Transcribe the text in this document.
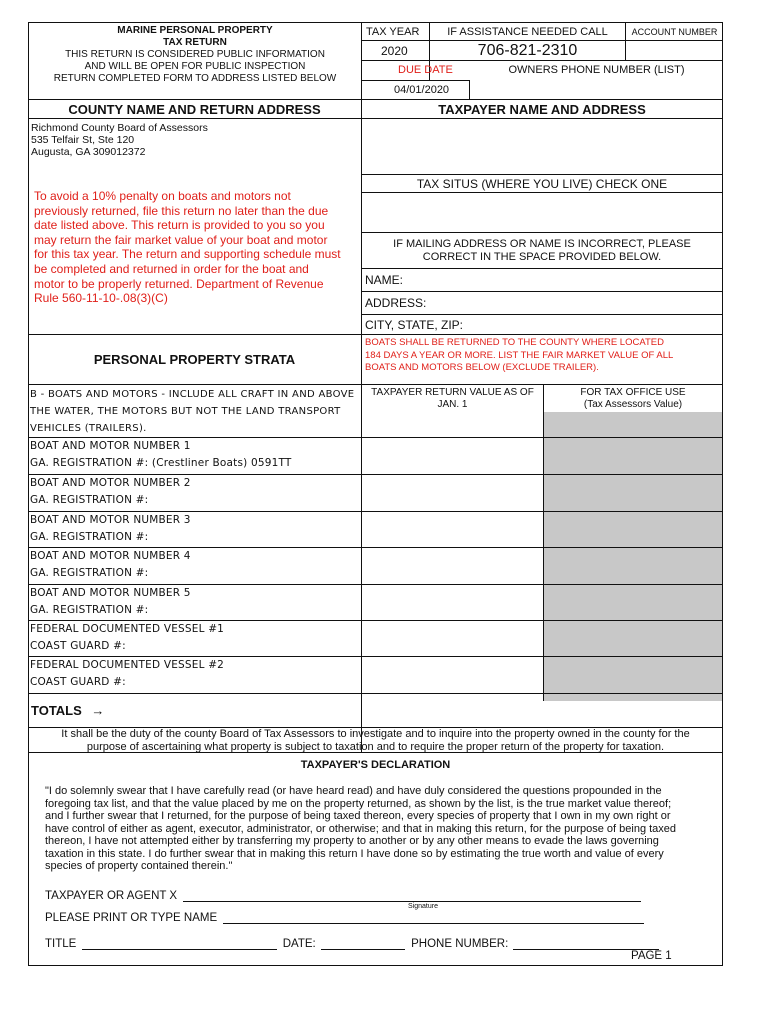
MARINE PERSONAL PROPERTY
TAX RETURN
THIS RETURN IS CONSIDERED PUBLIC INFORMATION
AND WILL BE OPEN FOR PUBLIC INSPECTION
RETURN COMPLETED FORM TO ADDRESS LISTED BELOW
TAX YEAR	IF ASSISTANCE NEEDED CALL	ACCOUNT NUMBER
2020	706-821-2310
DUE DATE	OWNERS PHONE NUMBER (LIST)
04/01/2020
COUNTY NAME AND RETURN ADDRESS	TAXPAYER NAME AND ADDRESS
Richmond County Board of Assessors
535 Telfair St, Ste 120
Augusta, GA 309012372
To avoid a 10% penalty on boats and motors not
previously returned, file this return no later than the due
date listed above. This return is provided to you so you
may return the fair market value of your boat and motor
for this tax year. The return and supporting schedule must
be completed and returned in order for the boat and
motor to be properly returned. Department of Revenue
Rule 560-11-10-.08(3)(C)
TAX SITUS (WHERE YOU LIVE) CHECK ONE
IF MAILING ADDRESS OR NAME IS INCORRECT, PLEASE
CORRECT IN THE SPACE PROVIDED BELOW.
NAME:
ADDRESS:
CITY, STATE, ZIP:
PERSONAL PROPERTY STRATA
BOATS SHALL BE RETURNED TO THE COUNTY WHERE LOCATED
184 DAYS A YEAR OR MORE. LIST THE FAIR MARKET VALUE OF ALL
BOATS AND MOTORS BELOW (EXCLUDE TRAILER).
B - BOATS AND MOTORS - INCLUDE ALL CRAFT IN AND ABOVE
THE WATER, THE MOTORS BUT NOT THE LAND TRANSPORT
VEHICLES (TRAILERS).
TAXPAYER RETURN VALUE AS OF
JAN. 1
FOR TAX OFFICE USE
(Tax Assessors Value)
BOAT AND MOTOR NUMBER 1
GA. REGISTRATION #: (Crestliner Boats) 0591TT
BOAT AND MOTOR NUMBER 2
GA. REGISTRATION #:
BOAT AND MOTOR NUMBER 3
GA. REGISTRATION #:
BOAT AND MOTOR NUMBER 4
GA. REGISTRATION #:
BOAT AND MOTOR NUMBER 5
GA. REGISTRATION #:
FEDERAL DOCUMENTED VESSEL #1
COAST GUARD #:
FEDERAL DOCUMENTED VESSEL #2
COAST GUARD #:
TOTALS →
It shall be the duty of the county Board of Tax Assessors to investigate and to inquire into the property owned in the county for the
purpose of ascertaining what property is subject to taxation and to require the proper return of the property for taxation.
TAXPAYER'S DECLARATION
"I do solemnly swear that I have carefully read (or have heard read) and have duly considered the questions propounded in the
foregoing tax list, and that the value placed by me on the property returned, as shown by the list, is the true market value thereof;
and I further swear that I returned, for the purpose of being taxed thereon, every species of property that I own in my own right or
have control of either as agent, executor, administrator, or otherwise; and that in making this return, for the purpose of being taxed
thereon, I have not attempted either by transferring my property to another or by any other means to evade the laws governing
taxation in this state. I do further swear that in making this return I have done so by estimating the true worth and value of every
species of property contained therein."
TAXPAYER OR AGENT X
Signature
PLEASE PRINT OR TYPE NAME
TITLE	DATE:	PHONE NUMBER:
PAGE 1
